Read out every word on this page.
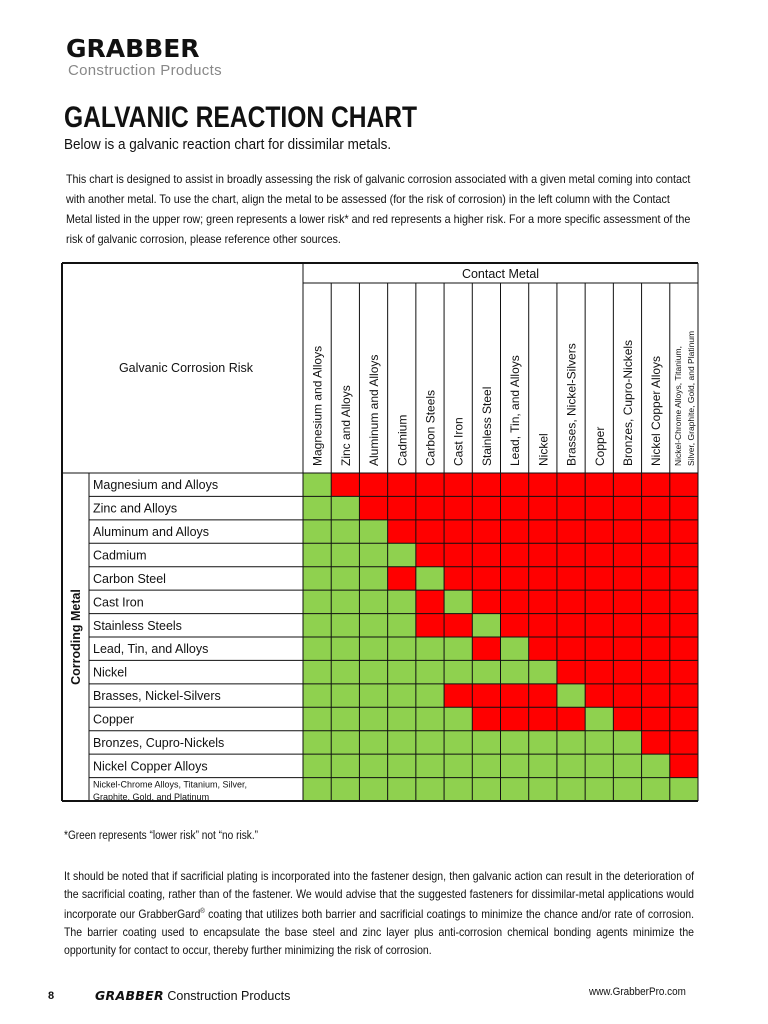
GRABBER
Construction Products
GALVANIC REACTION CHART

Below is a galvanic reaction chart for dissimilar metals.

This chart is designed to assist in broadly assessing the risk of galvanic corrosion associated with a given metal coming into contact with another metal. To use the chart, align the metal to be assessed (for the risk of corrosion) in the left column with the Contact Metal listed in the upper row; green represents a lower risk* and red represents a higher risk. For a more specific assessment of the risk of galvanic corrosion, please reference other sources.

Contact Metal
Galvanic Corrosion Risk
Corroding Metal
Magnesium and Alloys Zinc and Alloys Aluminum and Alloys Cadmium Carbon Steels Cast Iron Stainless Steel Lead, Tin, and Alloys Nickel Brasses, Nickel-Silvers Copper Bronzes, Cupro-Nickels Nickel Copper Alloys Nickel-Chrome Alloys, Titanium, Silver, Graphite, Gold, and Platinum
Magnesium and Alloys
Zinc and Alloys
Aluminum and Alloys
Cadmium
Carbon Steel
Cast Iron
Stainless Steels
Lead, Tin, and Alloys
Nickel
Brasses, Nickel-Silvers
Copper
Bronzes, Cupro-Nickels
Nickel Copper Alloys
Nickel-Chrome Alloys, Titanium, Silver, Graphite, Gold, and Platinum

*Green represents “lower risk” not “no risk.”

It should be noted that if sacrificial plating is incorporated into the fastener design, then galvanic action can result in the deterioration of the sacrificial coating, rather than of the fastener. We would advise that the suggested fasteners for dissimilar-metal applications would incorporate our GrabberGard® coating that utilizes both barrier and sacrificial coatings to minimize the chance and/or rate of corrosion. The barrier coating used to encapsulate the base steel and zinc layer plus anti-corrosion chemical bonding agents minimize the opportunity for contact to occur, thereby further minimizing the risk of corrosion.

8	GRABBER Construction Products	www.GrabberPro.com
